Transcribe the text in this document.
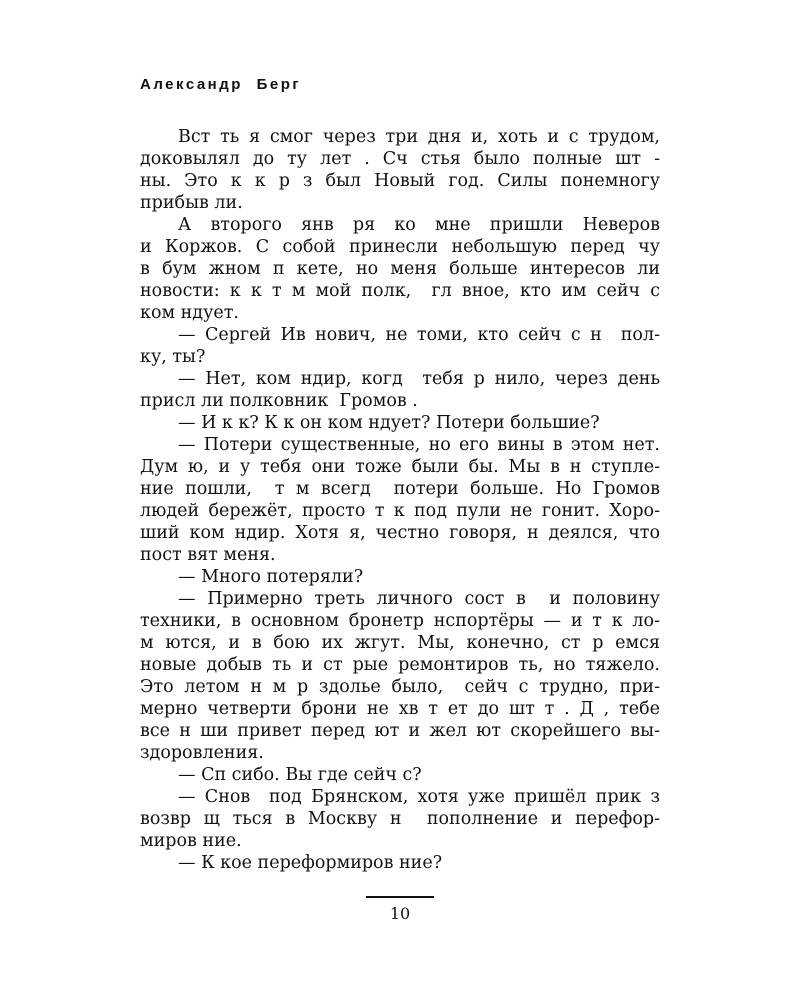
Александр Берг
Вст ть я смог через три дня и, хоть и с трудом,
доковылял до ту лет . Сч стья было полные шт -
ны. Это к к р з был Новый год. Силы понемногу
прибыв ли.
А второго янв ря ко мне пришли Неверов
и Коржов. С собой принесли небольшую перед чу
в бум жном п кете, но меня больше интересов ли
новости: к к т м мой полк,  гл вное, кто им сейч с
ком ндует.
— Сергей Ив нович, не томи, кто сейч с н  пол-
ку, ты?
— Нет, ком ндир, когд  тебя р нило, через день
присл ли полковник  Громов .
— И к к? К к он ком ндует? Потери большие?
— Потери существенные, но его вины в этом нет.
Дум ю, и у тебя они тоже были бы. Мы в н ступле-
ние пошли,  т м всегд  потери больше. Но Громов
людей бережёт, просто т к под пули не гонит. Хоро-
ший ком ндир. Хотя я, честно говоря, н деялся, что
пост вят меня.
— Много потеряли?
— Примерно треть личного сост в  и половину
техники, в основном бронетр нспортёры — и т к ло-
м ются, и в бою их жгут. Мы, конечно, ст р емся
новые добыв ть и ст рые ремонтиров ть, но тяжело.
Это летом н м р здолье было,  сейч с трудно, при-
мерно четверти брони не хв т ет до шт т . Д , тебе
все н ши привет перед ют и жел ют скорейшего вы-
здоровления.
— Сп сибо. Вы где сейч с?
— Снов  под Брянском, хотя уже пришёл прик з
возвр щ ться в Москву н  пополнение и перефор-
миров ние.
— К кое переформиров ние?
10
